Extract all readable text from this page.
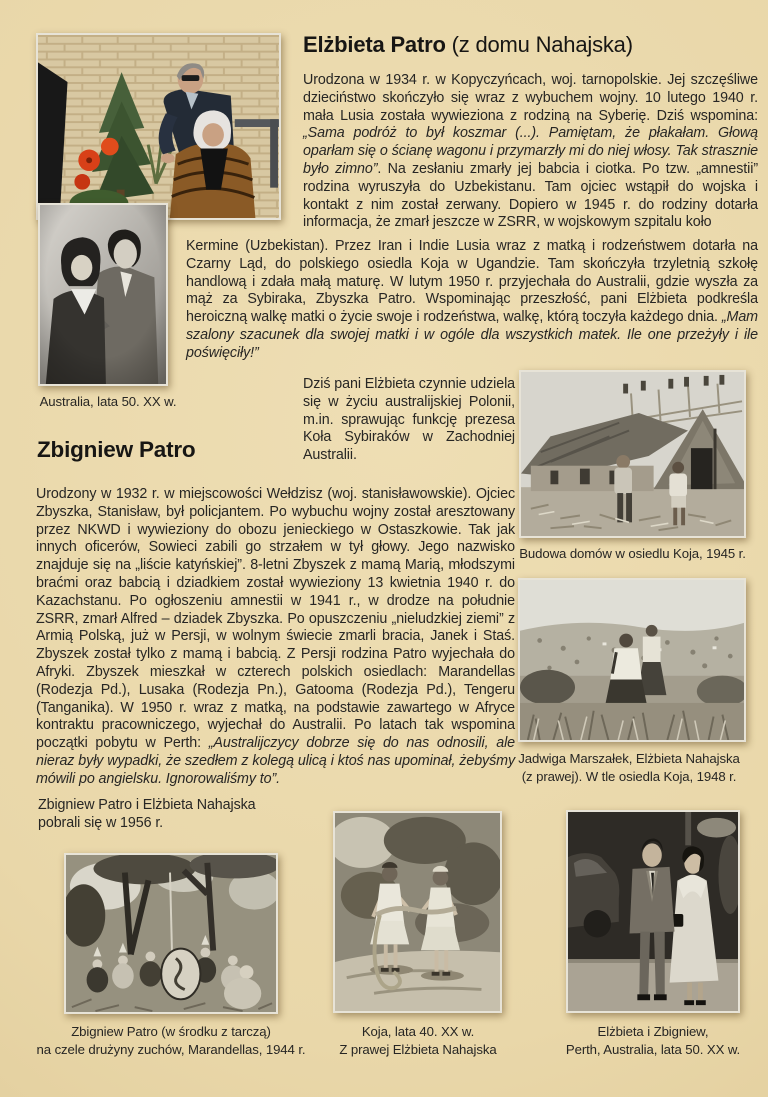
Elżbieta Patro (z domu Nahajska)

Urodzona w 1934 r. w Kopyczyńcach, woj. tarnopolskie. Jej szczęśliwe dzieciństwo skończyło się wraz z wybuchem wojny. 10 lutego 1940 r. mała Lusia została wywieziona z rodziną na Syberię. Dziś wspomina: „Sama podróż to był koszmar (...). Pamiętam, że płakałam. Głową oparłam się o ścianę wagonu i przymarzły mi do niej włosy. Tak strasznie było zimno”. Na zesłaniu zmarły jej babcia i ciotka. Po tzw. „amnestii” rodzina wyruszyła do Uzbekistanu. Tam ojciec wstąpił do wojska i kontakt z nim został zerwany. Dopiero w 1945 r. do rodziny dotarła informacja, że zmarł jeszcze w ZSRR, w wojskowym szpitalu koło

Kermine (Uzbekistan). Przez Iran i Indie Lusia wraz z matką i rodzeństwem dotarła na Czarny Ląd, do polskiego osiedla Koja w Ugandzie. Tam skończyła trzyletnią szkołę handlową i zdała małą maturę. W lutym 1950 r. przyjechała do Australii, gdzie wyszła za mąż za Sybiraka, Zbyszka Patro. Wspominając przeszłość, pani Elżbieta podkreśla heroiczną walkę matki o życie swoje i rodzeństwa, walkę, którą toczyła każdego dnia. „Mam szalony szacunek dla swojej matki i w ogóle dla wszystkich matek. Ile one przeżyły i ile poświęciły!”

Dziś pani Elżbieta czynnie udziela się w życiu australijskiej Polonii, m.in. sprawując funkcję prezesa Koła Sybiraków w Zachodniej Australii.

Zbigniew Patro

Urodzony w 1932 r. w miejscowości Wełdzisz (woj. stanisławowskie). Ojciec Zbyszka, Stanisław, był policjantem. Po wybuchu wojny został aresztowany przez NKWD i wywieziony do obozu jenieckiego w Ostaszkowie. Tak jak innych oficerów, Sowieci zabili go strzałem w tył głowy. Jego nazwisko znajduje się na „liście katyńskiej”. 8-letni Zbyszek z mamą Marią, młodszymi braćmi oraz babcią i dziadkiem został wywieziony 13 kwietnia 1940 r. do Kazachstanu. Po ogłoszeniu amnestii w 1941 r., w drodze na południe ZSRR, zmarł Alfred – dziadek Zbyszka. Po opuszczeniu „nieludzkiej ziemi” z Armią Polską, już w Persji, w wolnym świecie zmarli bracia, Janek i Staś. Zbyszek został tylko z mamą i babcią. Z Persji rodzina Patro wyjechała do Afryki. Zbyszek mieszkał w czterech polskich osiedlach: Marandellas (Rodezja Pd.), Lusaka (Rodezja Pn.), Gatooma (Rodezja Pd.), Tengeru (Tanganika). W 1950 r. wraz z matką, na podstawie zawartego w Afryce kontraktu pracowniczego, wyjechał do Australii. Po latach tak wspomina początki pobytu w Perth: „Australijczycy dobrze się do nas odnosili, ale nieraz były wypadki, że szedłem z kolegą ulicą i ktoś nas upominał, żebyśmy mówili po angielsku. Ignorowaliśmy to”.

Zbigniew Patro i Elżbieta Nahajska pobrali się w 1956 r.

Australia, lata 50. XX w.
Budowa domów w osiedlu Koja, 1945 r.
Jadwiga Marszałek, Elżbieta Nahajska
(z prawej). W tle osiedla Koja, 1948 r.
Zbigniew Patro (w środku z tarczą)
na czele drużyny zuchów, Marandellas, 1944 r.
Koja, lata 40. XX w.
Z prawej Elżbieta Nahajska
Elżbieta i Zbigniew,
Perth, Australia, lata 50. XX w.
